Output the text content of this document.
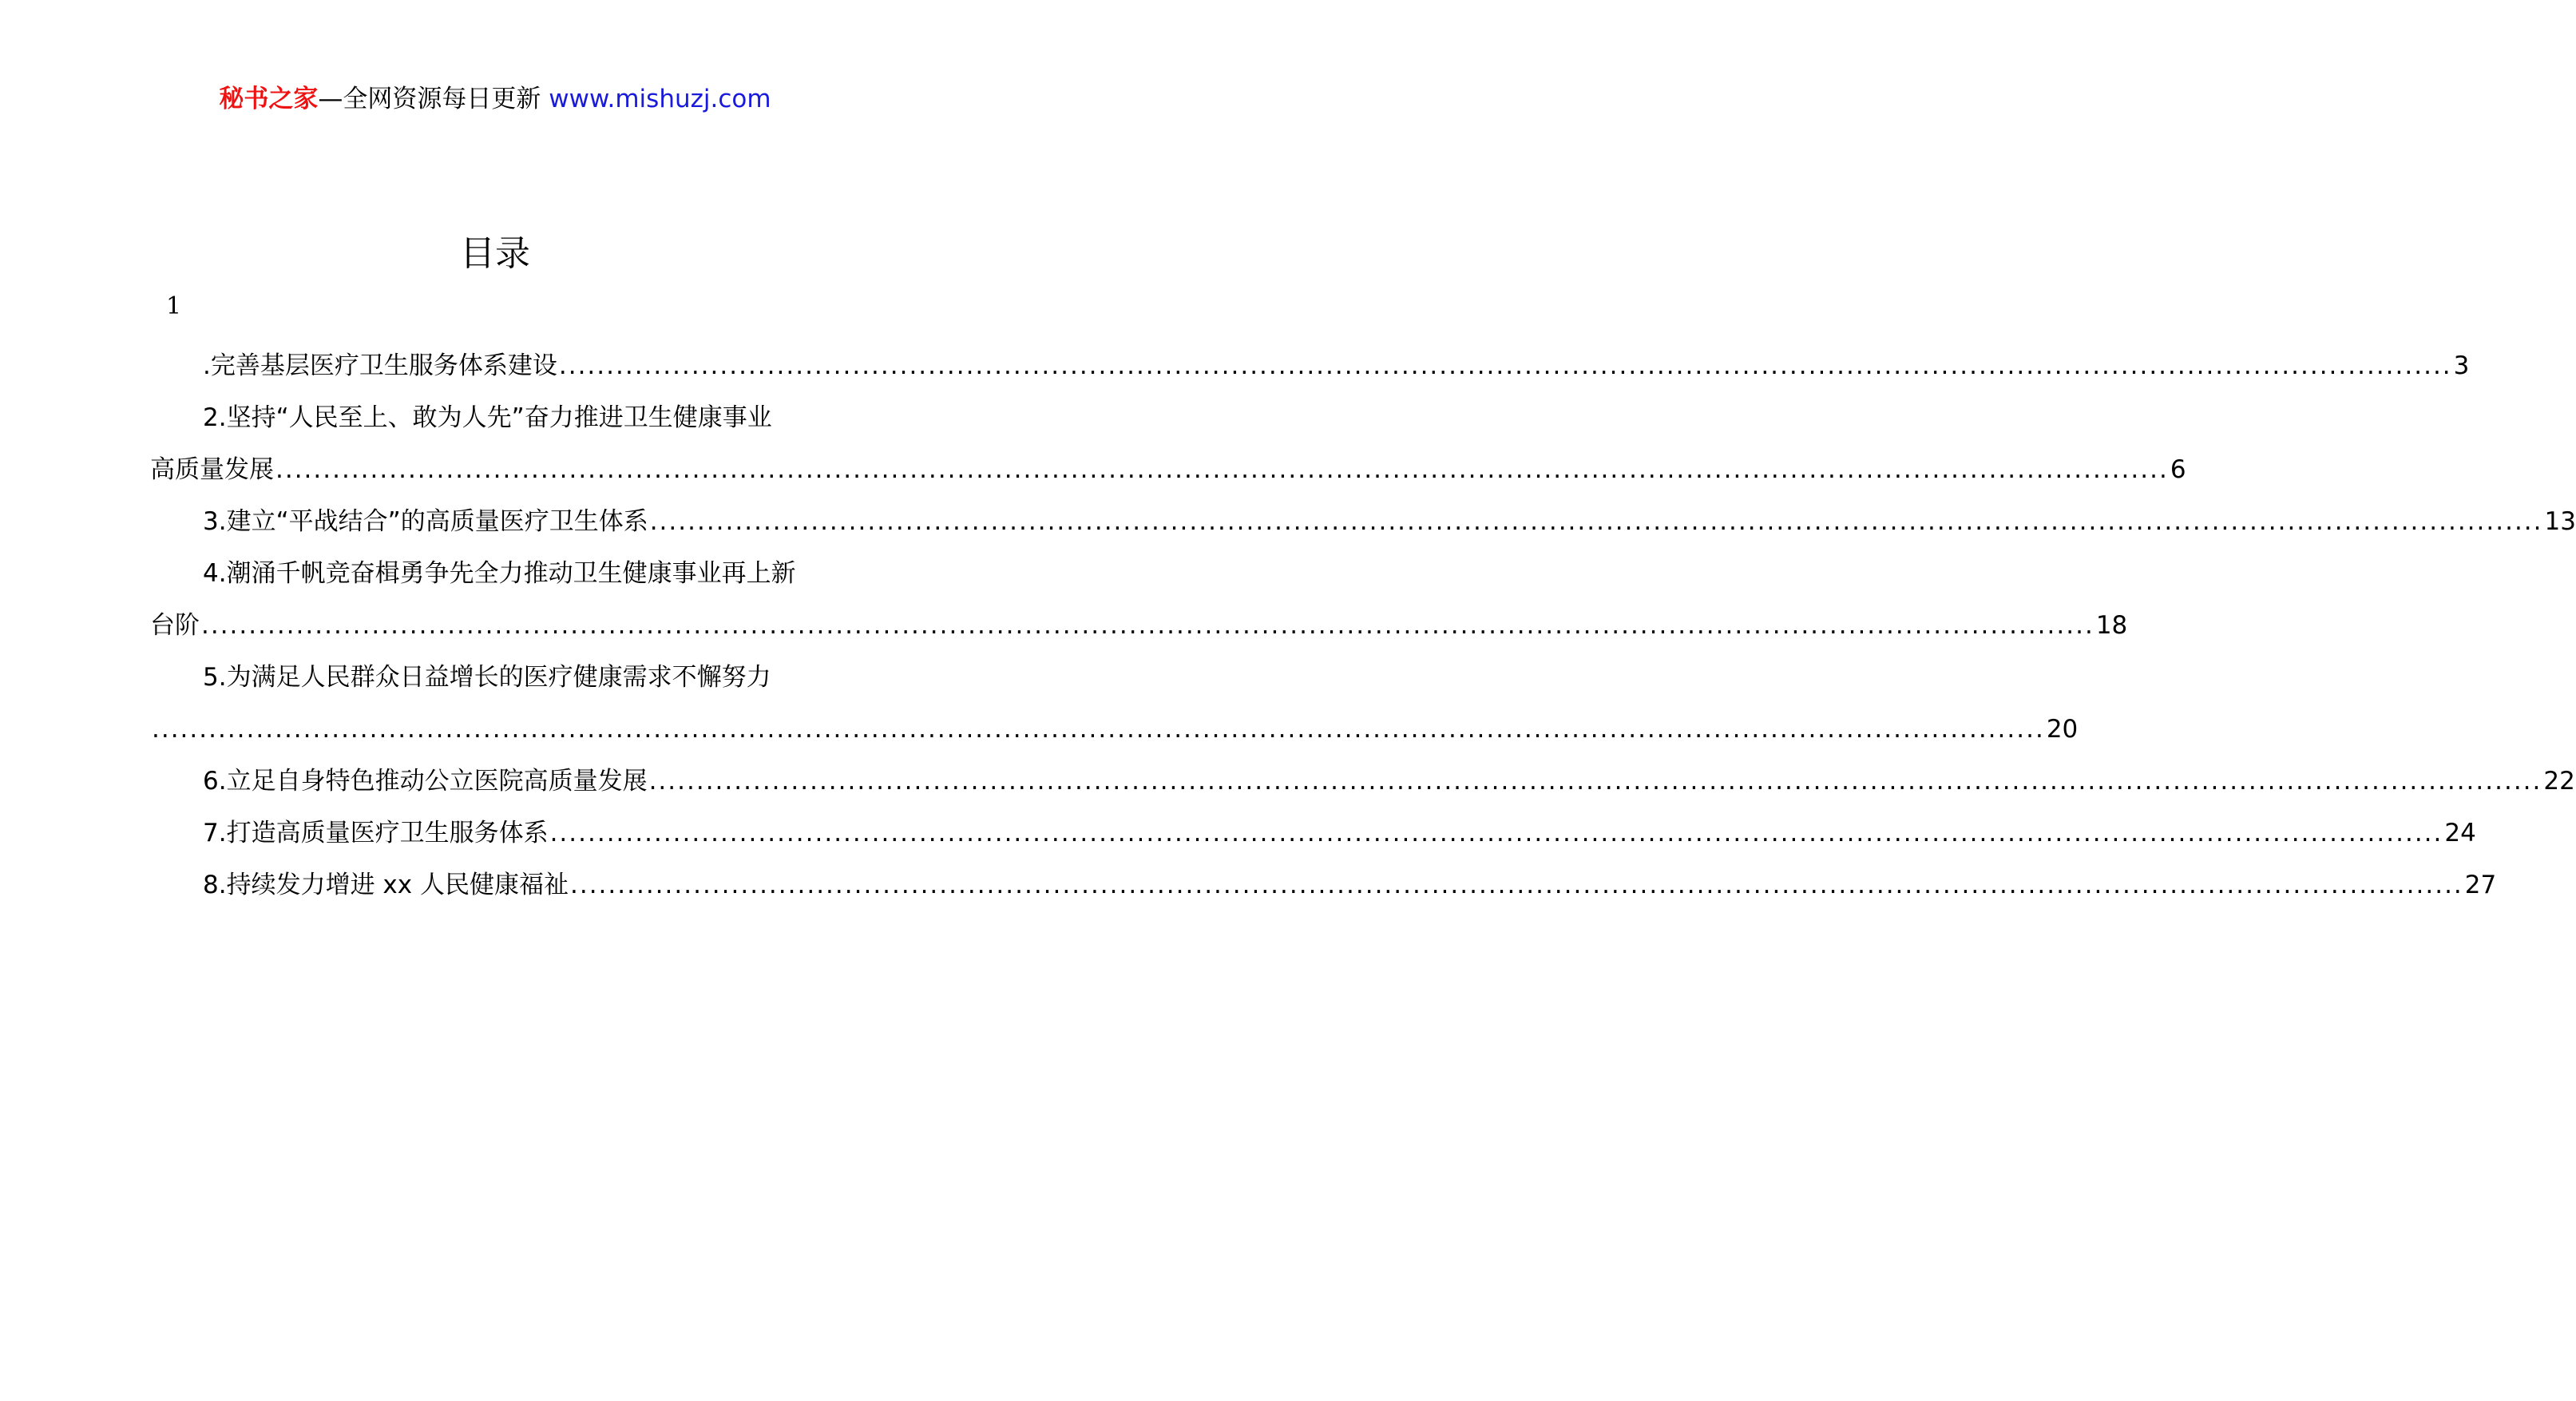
秘书之家—全网资源每日更新 www.mishuzj.com
目录
1
.完善基层医疗卫生服务体系建设 ........................................................................................................................................................................................................ 3
2.坚持“人民至上、敢为人先”奋力推进卫生健康事业
高质量发展 ........................................................................................................................................................................................................ 6
3.建立“平战结合”的高质量医疗卫生体系 ........................................................................................................................................................................................................ 13
4.潮涌千帆竞奋楫勇争先全力推动卫生健康事业再上新
台阶 ........................................................................................................................................................................................................ 18
5.为满足人民群众日益增长的医疗健康需求不懈努力
........................................................................................................................................................................................................ 20
6.立足自身特色推动公立医院高质量发展 ........................................................................................................................................................................................................ 22
7.打造高质量医疗卫生服务体系 ........................................................................................................................................................................................................ 24
8.持续发力增进 xx 人民健康福祉 ........................................................................................................................................................................................................ 27
